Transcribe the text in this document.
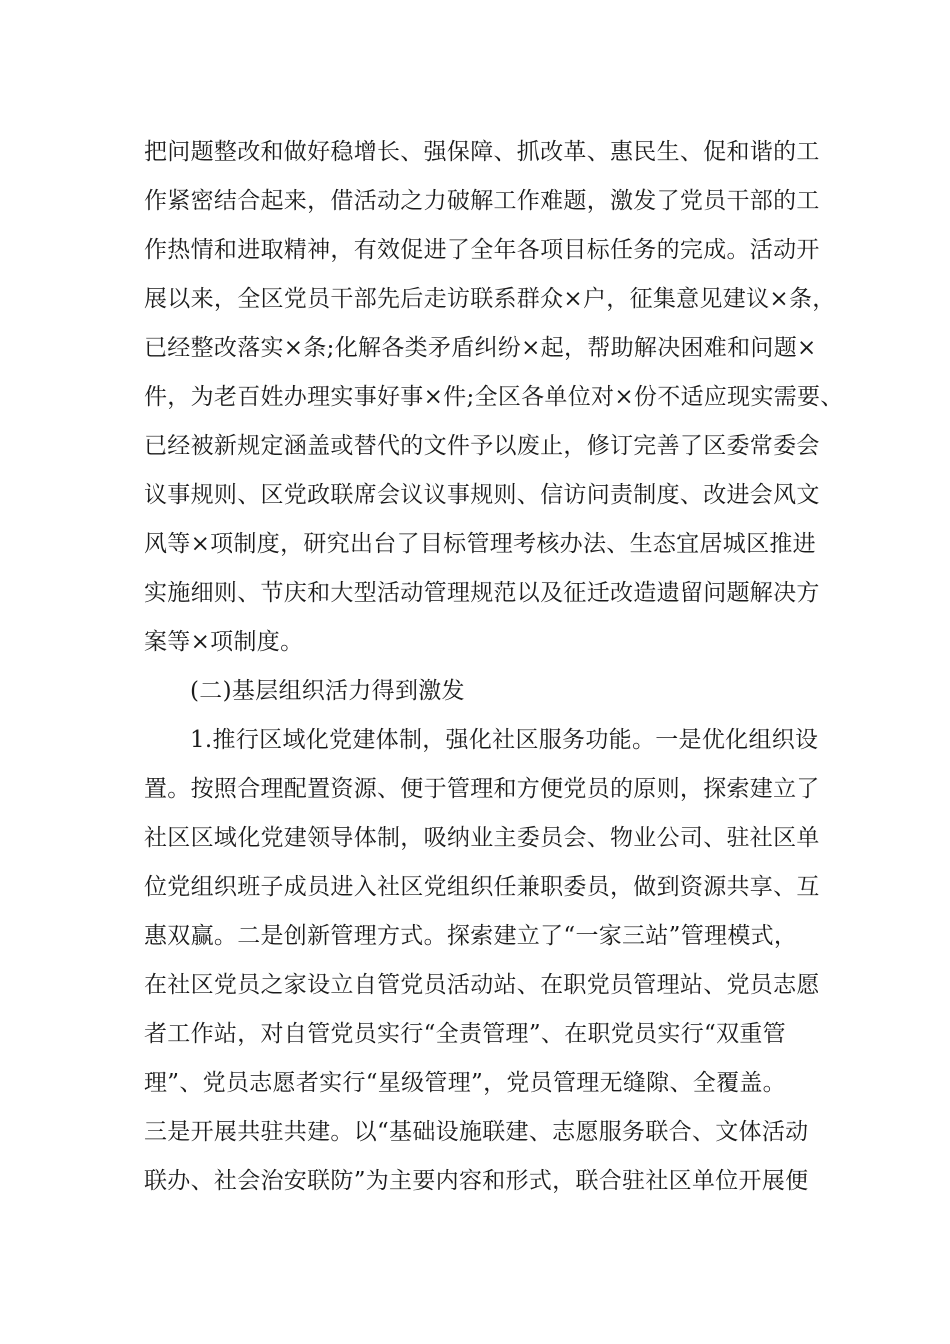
把问题整改和做好稳增长、强保障、抓改革、惠民生、促和谐的工
作紧密结合起来，借活动之力破解工作难题，激发了党员干部的工
作热情和进取精神，有效促进了全年各项目标任务的完成。活动开
展以来，全区党员干部先后走访联系群众×户，征集意见建议×条，
已经整改落实×条;化解各类矛盾纠纷×起，帮助解决困难和问题×
件，为老百姓办理实事好事×件;全区各单位对×份不适应现实需要、
已经被新规定涵盖或替代的文件予以废止，修订完善了区委常委会
议事规则、区党政联席会议议事规则、信访问责制度、改进会风文
风等×项制度，研究出台了目标管理考核办法、生态宜居城区推进
实施细则、节庆和大型活动管理规范以及征迁改造遗留问题解决方
案等×项制度。
(二)基层组织活力得到激发
1.推行区域化党建体制，强化社区服务功能。一是优化组织设
置。按照合理配置资源、便于管理和方便党员的原则，探索建立了
社区区域化党建领导体制，吸纳业主委员会、物业公司、驻社区单
位党组织班子成员进入社区党组织任兼职委员，做到资源共享、互
惠双赢。二是创新管理方式。探索建立了“一家三站”管理模式，
在社区党员之家设立自管党员活动站、在职党员管理站、党员志愿
者工作站，对自管党员实行“全责管理”、在职党员实行“双重管
理”、党员志愿者实行“星级管理”，党员管理无缝隙、全覆盖。
三是开展共驻共建。以“基础设施联建、志愿服务联合、文体活动
联办、社会治安联防”为主要内容和形式，联合驻社区单位开展便
